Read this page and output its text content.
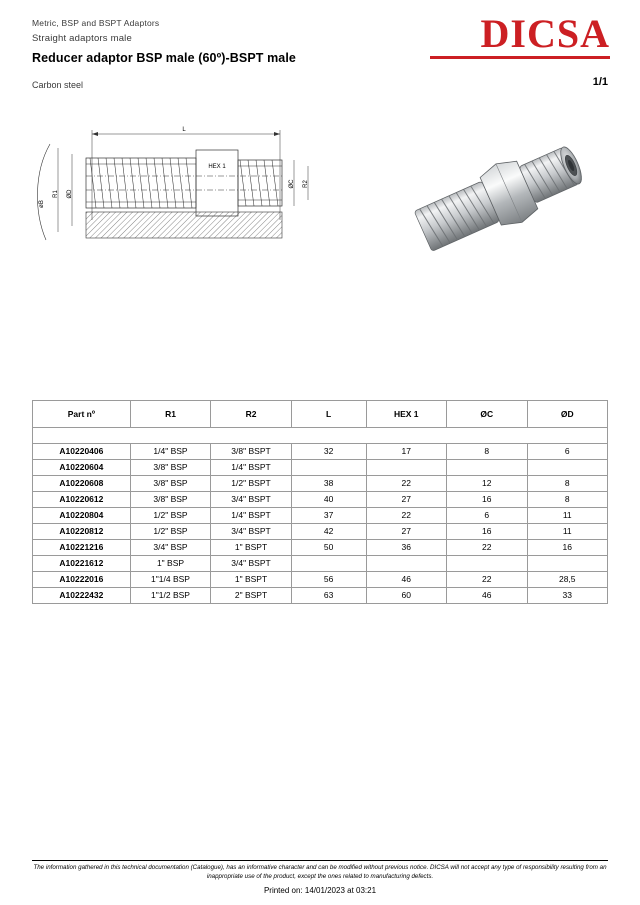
Metric, BSP and BSPT Adaptors
Straight adaptors male
Reducer adaptor BSP male (60º)-BSPT male
Carbon steel	1/1
DICSA
L
øB
R1 ØD
HEX 1
ØC R2
Part nº	R1	R2	L	HEX 1	ØC	ØD

A10220406	1/4" BSP	3/8" BSPT	32	17	8	6
A10220604	3/8" BSP	1/4" BSPT				
A10220608	3/8" BSP	1/2" BSPT	38	22	12	8
A10220612	3/8" BSP	3/4" BSPT	40	27	16	8
A10220804	1/2" BSP	1/4" BSPT	37	22	6	11
A10220812	1/2" BSP	3/4" BSPT	42	27	16	11
A10221216	3/4" BSP	1" BSPT	50	36	22	16
A10221612	1" BSP	3/4" BSPT				
A10222016	1"1/4 BSP	1" BSPT	56	46	22	28,5
A10222432	1"1/2 BSP	2" BSPT	63	60	46	33
The information gathered in this technical documentation (Catalogue), has an informative character and can be modified without previous notice. DICSA will not accept any type of responsibility resulting from an inappropriate use of the product, except the ones related to manufacturing defects.
Printed on: 14/01/2023 at 03:21
